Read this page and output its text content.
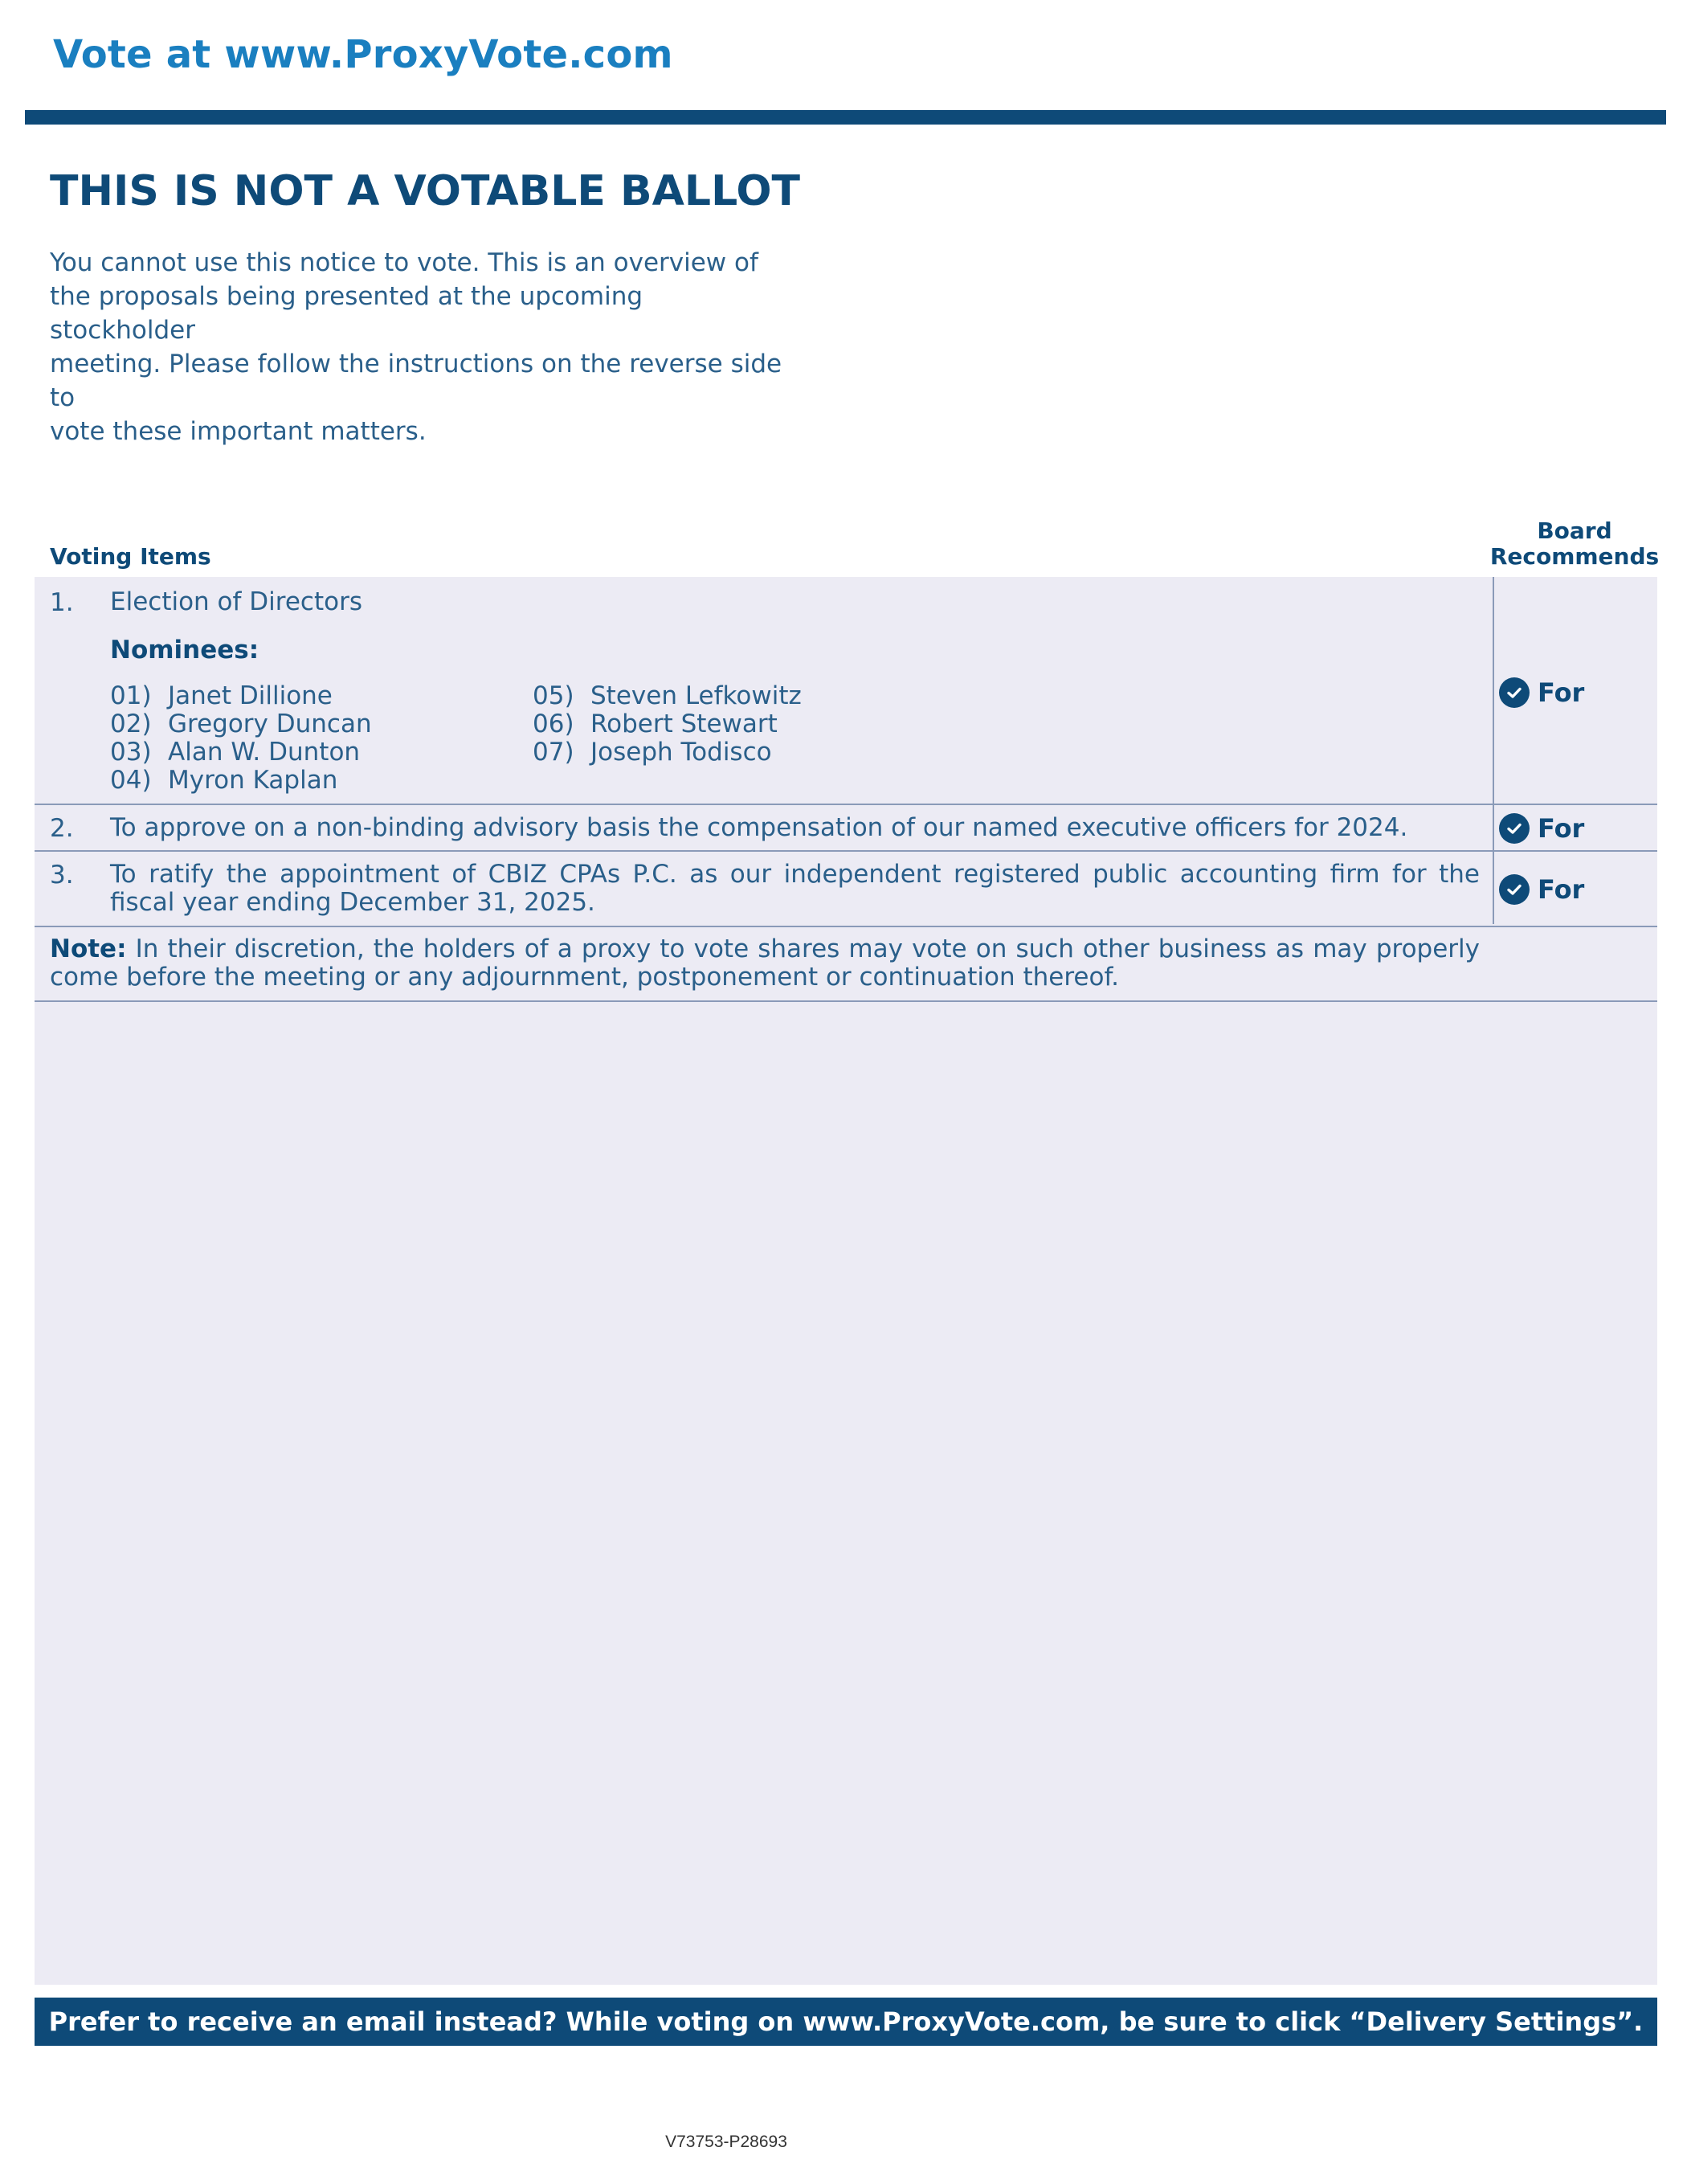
Vote at www.ProxyVote.com
THIS IS NOT A VOTABLE BALLOT
You cannot use this notice to vote. This is an overview of
the proposals being presented at the upcoming stockholder
meeting. Please follow the instructions on the reverse side to
vote these important matters.
Voting Items
Board
Recommends
1. Election of Directors
Nominees:
01) Janet Dillione
02) Gregory Duncan
03) Alan W. Dunton
04) Myron Kaplan
05) Steven Lefkowitz
06) Robert Stewart
07) Joseph Todisco
For
2. To approve on a non-binding advisory basis the compensation of our named executive officers for 2024.	For
3. To ratify the appointment of CBIZ CPAs P.C. as our independent registered public accounting firm for the fiscal year ending December 31, 2025.	For
Note: In their discretion, the holders of a proxy to vote shares may vote on such other business as may properly come before the meeting or any adjournment, postponement or continuation thereof.
Prefer to receive an email instead? While voting on www.ProxyVote.com, be sure to click “Delivery Settings”.
V73753-P28693
